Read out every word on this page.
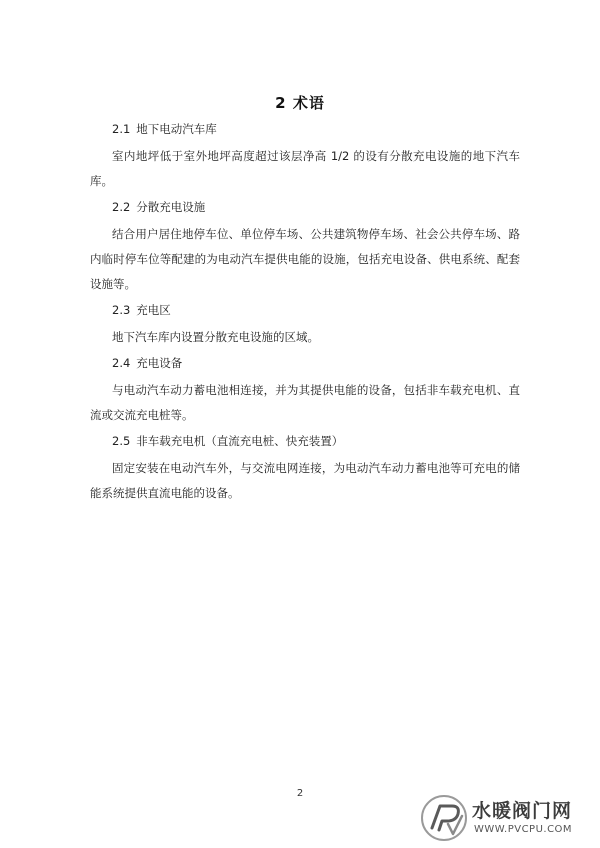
2 术语

2.1 地下电动汽车库

室内地坪低于室外地坪高度超过该层净高 1/2 的设有分散充电设施的地下汽车库。

2.2 分散充电设施

结合用户居住地停车位、单位停车场、公共建筑物停车场、社会公共停车场、路内临时停车位等配建的为电动汽车提供电能的设施，包括充电设备、供电系统、配套设施等。

2.3 充电区

地下汽车库内设置分散充电设施的区域。

2.4 充电设备

与电动汽车动力蓄电池相连接，并为其提供电能的设备，包括非车载充电机、直流或交流充电桩等。

2.5 非车载充电机（直流充电桩、快充装置）

固定安装在电动汽车外，与交流电网连接，为电动汽车动力蓄电池等可充电的储能系统提供直流电能的设备。

2
水暖阀门网
WWW.PVCPU.COM
